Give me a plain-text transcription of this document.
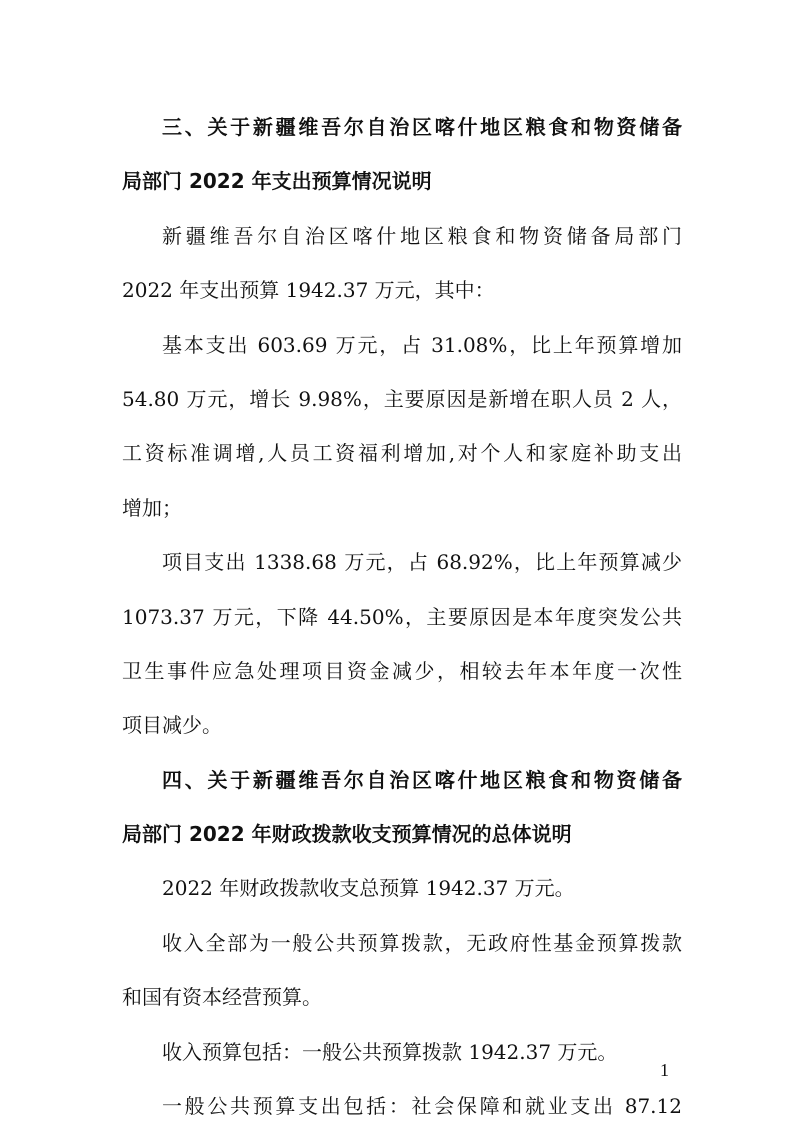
三、关于新疆维吾尔自治区喀什地区粮食和物资储备
局部门 2022 年支出预算情况说明
新疆维吾尔自治区喀什地区粮食和物资储备局部门
2022 年支出预算 1942.37 万元，其中：
基本支出 603.69 万元，占 31.08%，比上年预算增加
54.80 万元，增长 9.98%，主要原因是新增在职人员 2 人，
工资标准调增,人员工资福利增加,对个人和家庭补助支出
增加；
项目支出 1338.68 万元，占 68.92%，比上年预算减少
1073.37 万元，下降 44.50%，主要原因是本年度突发公共
卫生事件应急处理项目资金减少，相较去年本年度一次性
项目减少。
四、关于新疆维吾尔自治区喀什地区粮食和物资储备
局部门 2022 年财政拨款收支预算情况的总体说明
2022 年财政拨款收支总预算 1942.37 万元。
收入全部为一般公共预算拨款，无政府性基金预算拨款
和国有资本经营预算。
收入预算包括：一般公共预算拨款 1942.37 万元。
一般公共预算支出包括：社会保障和就业支出 87.12
1
